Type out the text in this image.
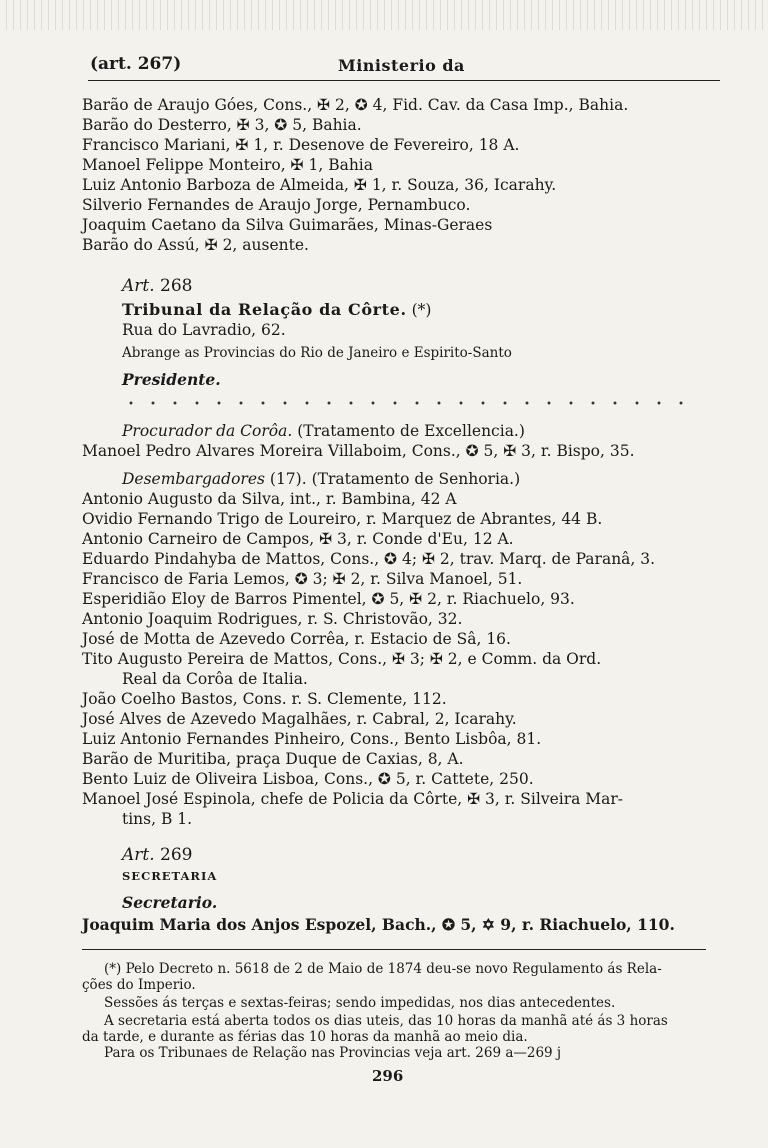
(art. 267)	Ministerio da
Barão de Araujo Góes, Cons., ✠ 2, ✪ 4, Fid. Cav. da Casa Imp., Bahia.
Barão do Desterro, ✠ 3, ✪ 5, Bahia.
Francisco Mariani, ✠ 1, r. Desenove de Fevereiro, 18 A.
Manoel Felippe Monteiro, ✠ 1, Bahia
Luiz Antonio Barboza de Almeida, ✠ 1, r. Souza, 36, Icarahy.
Silverio Fernandes de Araujo Jorge, Pernambuco.
Joaquim Caetano da Silva Guimarães, Minas-Geraes
Barão do Assú, ✠ 2, ausente.
Art. 268
Tribunal da Relação da Côrte. (*)
Rua do Lavradio, 62.
Abrange as Provincias do Rio de Janeiro e Espirito-Santo
Presidente.
Procurador da Corôa. (Tratamento de Excellencia.)
Manoel Pedro Alvares Moreira Villaboim, Cons., ✪ 5, ✠ 3, r. Bispo, 35.
Desembargadores (17). (Tratamento de Senhoria.)
Antonio Augusto da Silva, int., r. Bambina, 42 A
Ovidio Fernando Trigo de Loureiro, r. Marquez de Abrantes, 44 B.
Antonio Carneiro de Campos, ✠ 3, r. Conde d'Eu, 12 A.
Eduardo Pindahyba de Mattos, Cons., ✪ 4; ✠ 2, trav. Marq. de Paranâ, 3.
Francisco de Faria Lemos, ✪ 3; ✠ 2, r. Silva Manoel, 51.
Esperidião Eloy de Barros Pimentel, ✪ 5, ✠ 2, r. Riachuelo, 93.
Antonio Joaquim Rodrigues, r. S. Christovão, 32.
José de Motta de Azevedo Corrêa, r. Estacio de Sâ, 16.
Tito Augusto Pereira de Mattos, Cons., ✠ 3; ✠ 2, e Comm. da Ord.
Real da Corôa de Italia.
João Coelho Bastos, Cons. r. S. Clemente, 112.
José Alves de Azevedo Magalhães, r. Cabral, 2, Icarahy.
Luiz Antonio Fernandes Pinheiro, Cons., Bento Lisbôa, 81.
Barão de Muritiba, praça Duque de Caxias, 8, A.
Bento Luiz de Oliveira Lisboa, Cons., ✪ 5, r. Cattete, 250.
Manoel José Espinola, chefe de Policia da Côrte, ✠ 3, r. Silveira Mar-
tins, B 1.
Art. 269
SECRETARIA
Secretario.
Joaquim Maria dos Anjos Espozel, Bach., ✪ 5, ✡ 9, r. Riachuelo, 110.
(*) Pelo Decreto n. 5618 de 2 de Maio de 1874 deu-se novo Regulamento ás Rela-
ções do Imperio.
Sessões ás terças e sextas-feiras; sendo impedidas, nos dias antecedentes.
A secretaria está aberta todos os dias uteis, das 10 horas da manhã até ás 3 horas
da tarde, e durante as férias das 10 horas da manhã ao meio dia.
Para os Tribunaes de Relação nas Provincias veja art. 269 a—269 j
296
